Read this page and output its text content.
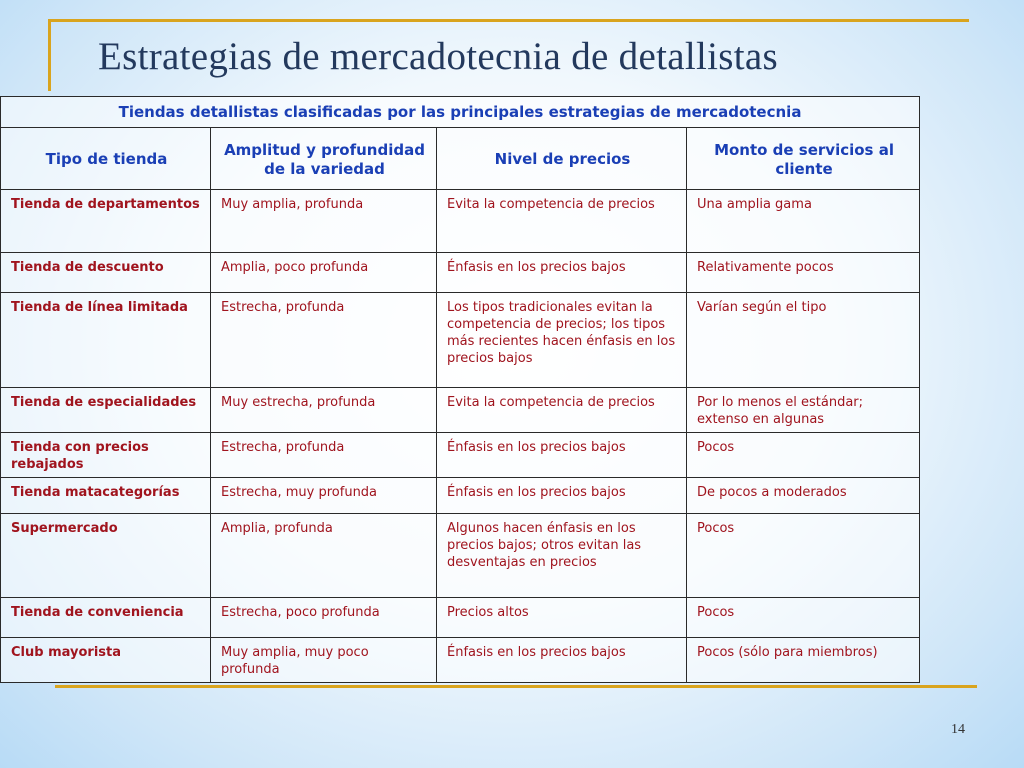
Estrategias de mercadotecnia de detallistas
Tiendas detallistas clasificadas por las principales estrategias de mercadotecnia			
Tipo de tienda	Amplitud y profundidad de la variedad	Nivel de precios	Monto de servicios al cliente
Tienda de departamentos	Muy amplia, profunda	Evita la competencia de precios	Una amplia gama
Tienda de descuento	Amplia, poco profunda	Énfasis en los precios bajos	Relativamente pocos
Tienda de línea limitada	Estrecha, profunda	Los tipos tradicionales evitan la competencia de precios; los tipos más recientes hacen énfasis en los precios bajos	Varían según el tipo
Tienda de especialidades	Muy estrecha, profunda	Evita la competencia de precios	Por lo menos el estándar; extenso en algunas
Tienda con precios rebajados	Estrecha, profunda	Énfasis en los precios bajos	Pocos
Tienda matacategorías	Estrecha, muy profunda	Énfasis en los precios bajos	De pocos a moderados
Supermercado	Amplia, profunda	Algunos hacen énfasis en los precios bajos; otros evitan las desventajas en precios	Pocos
Tienda de conveniencia	Estrecha, poco profunda	Precios altos	Pocos
Club mayorista	Muy amplia, muy poco profunda	Énfasis en los precios bajos	Pocos (sólo para miembros)
14
